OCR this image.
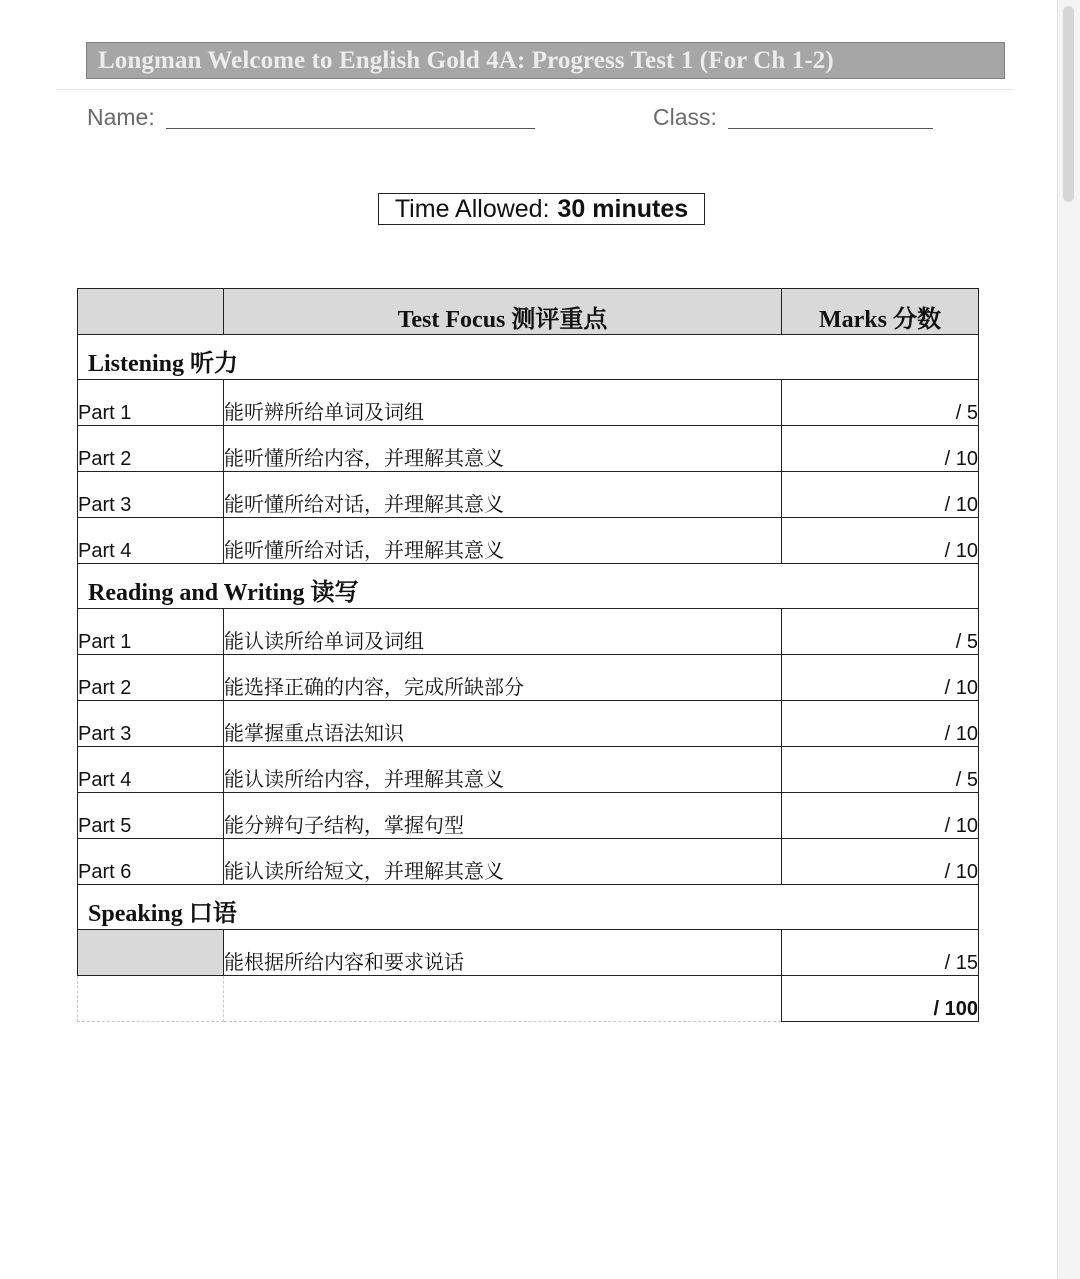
Longman Welcome to English Gold 4A: Progress Test 1 (For Ch 1-2)
Name:	Class:
Time Allowed: 30 minutes

	Test Focus 测评重点	Marks 分数

Listening 听力		

Part 1	能听辨所给单词及词组	/ 5
Part 2	能听懂所给内容，并理解其意义	/ 10
Part 3	能听懂所给对话，并理解其意义	/ 10
Part 4	能听懂所给对话，并理解其意义	/ 10

Reading and Writing 读写		

Part 1	能认读所给单词及词组	/ 5
Part 2	能选择正确的内容，完成所缺部分	/ 10
Part 3	能掌握重点语法知识	/ 10
Part 4	能认读所给内容，并理解其意义	/ 5
Part 5	能分辨句子结构，掌握句型	/ 10
Part 6	能认读所给短文，并理解其意义	/ 10

Speaking 口语		

	能根据所给内容和要求说话	/ 15
		/ 100
